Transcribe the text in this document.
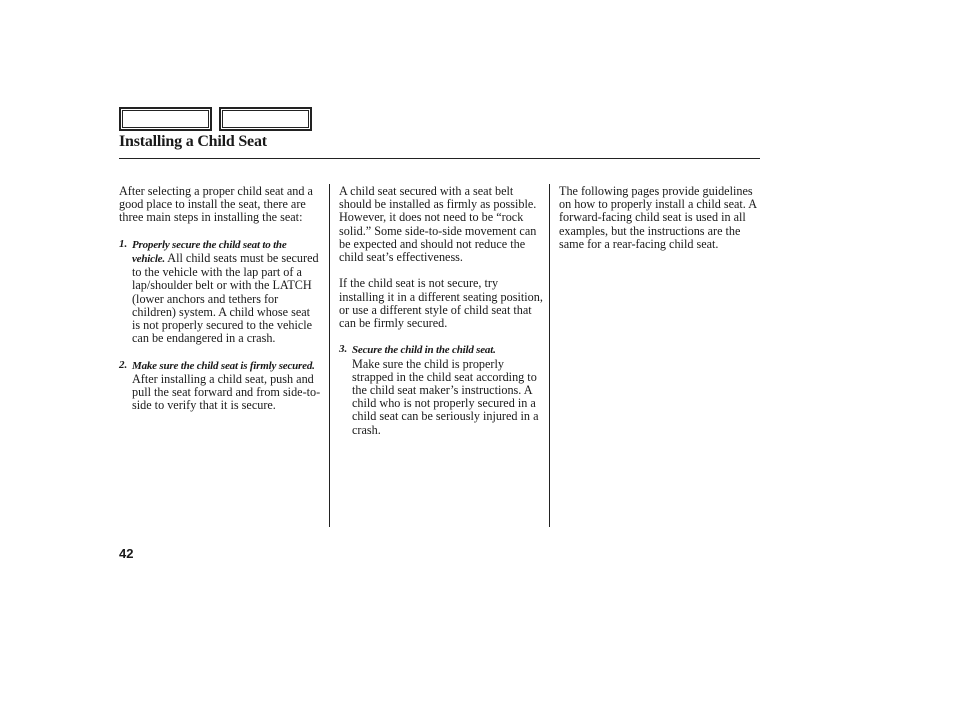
Installing a Child Seat

After selecting a proper child seat and a good place to install the seat, there are three main steps in installing the seat:

1. Properly secure the child seat to the vehicle. All child seats must be secured to the vehicle with the lap part of a lap/shoulder belt or with the LATCH (lower anchors and tethers for children) system. A child whose seat is not properly secured to the vehicle can be endangered in a crash.
2. Make sure the child seat is firmly secured. After installing a child seat, push and pull the seat forward and from side-to-side to verify that it is secure.

A child seat secured with a seat belt should be installed as firmly as possible. However, it does not need to be “rock solid.” Some side-to-side movement can be expected and should not reduce the child seat’s effectiveness.

If the child seat is not secure, try installing it in a different seating position, or use a different style of child seat that can be firmly secured.

3. Secure the child in the child seat.
Make sure the child is properly strapped in the child seat according to the child seat maker’s instructions. A child who is not properly secured in a child seat can be seriously injured in a crash.

The following pages provide guidelines on how to properly install a child seat. A forward-facing child seat is used in all examples, but the instructions are the same for a rear-facing child seat.

42
